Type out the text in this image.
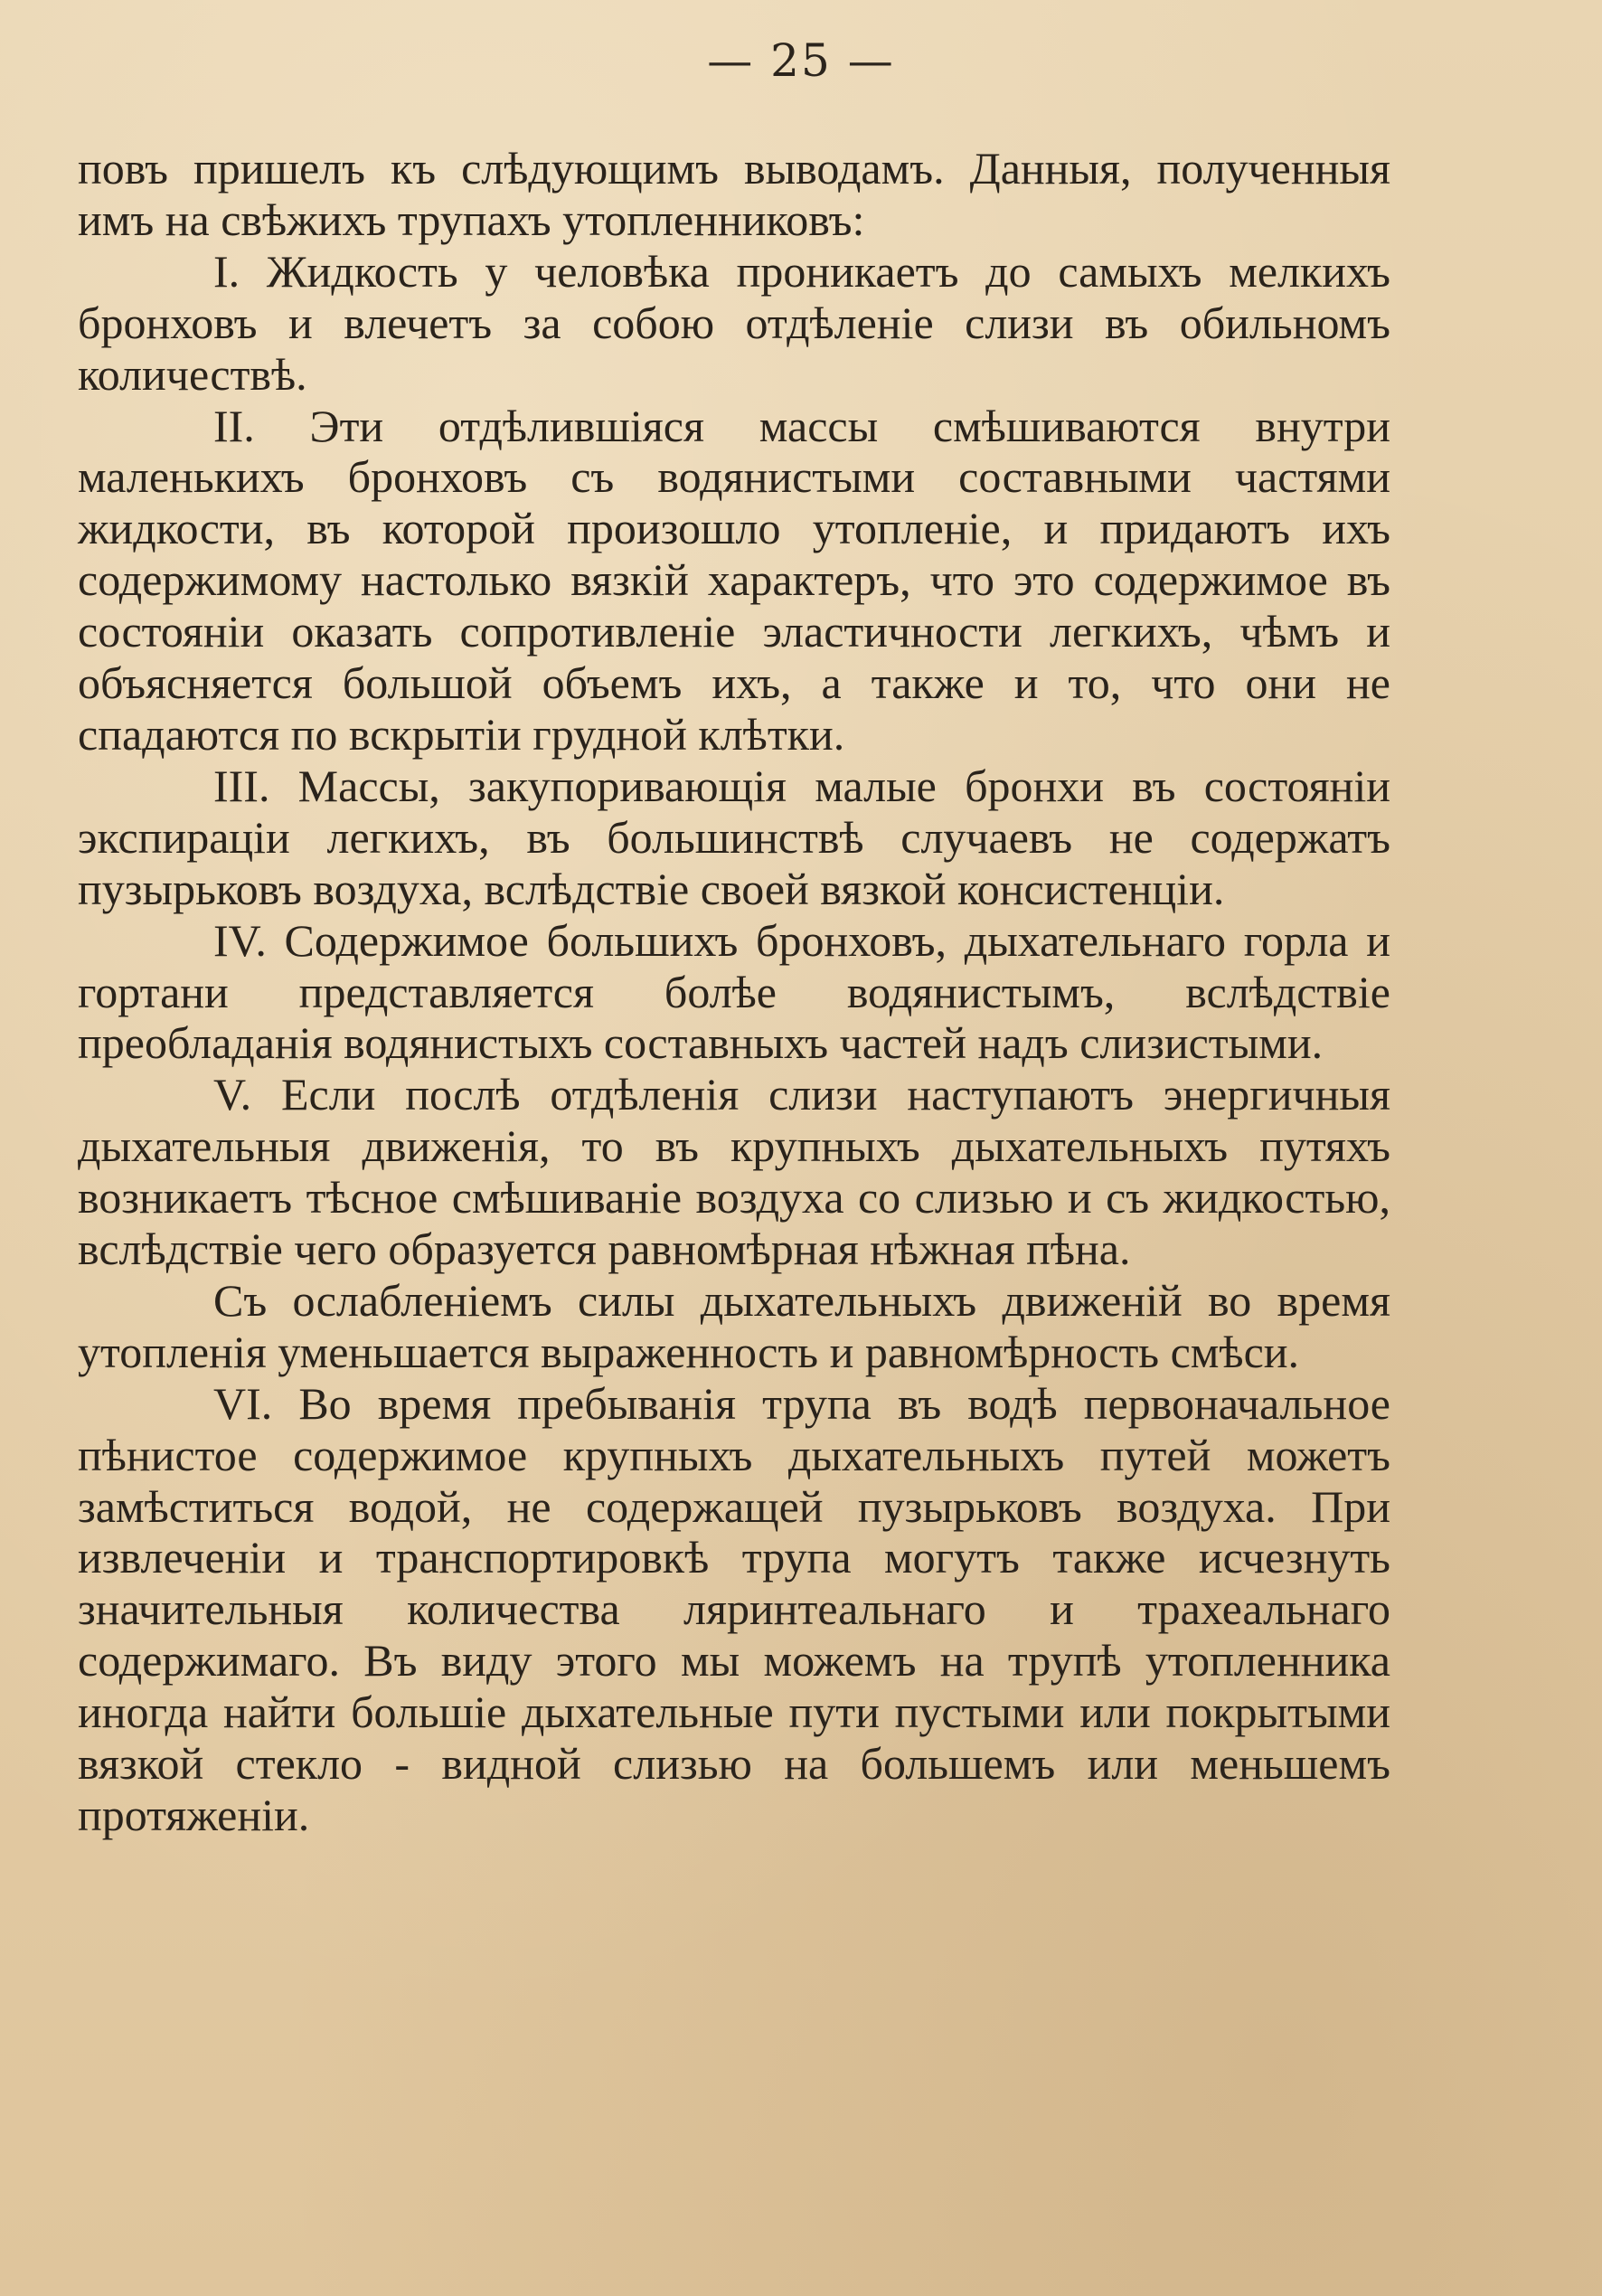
— 25 —

повъ пришелъ къ слѣдующимъ выводамъ. Данныя, полученныя имъ на свѣжихъ трупахъ утопленниковъ:

I. Жидкость у человѣка проникаетъ до самыхъ мелкихъ бронховъ и влечетъ за собою отдѣленіе слизи въ обильномъ количествѣ.

II. Эти отдѣлившіяся массы смѣшиваются внутри маленькихъ бронховъ съ водянистыми составными частями жидкости, въ которой произошло утопленіе, и придаютъ ихъ содержимому настолько вязкій характеръ, что это содержимое въ состояніи оказать сопротивленіе эластичности легкихъ, чѣмъ и объясняется большой объемъ ихъ, а также и то, что они не спадаются по вскрытіи грудной клѣтки.

III. Массы, закупоривающія малые бронхи въ состояніи экспираціи легкихъ, въ большинствѣ случаевъ не содержатъ пузырьковъ воздуха, вслѣдствіе своей вязкой консистенціи.

IV. Содержимое большихъ бронховъ, дыхательнаго горла и гортани представляется болѣе водянистымъ, вслѣдствіе преобладанія водянистыхъ составныхъ частей надъ слизистыми.

V. Если послѣ отдѣленія слизи наступаютъ энергичныя дыхательныя движенія, то въ крупныхъ дыхательныхъ путяхъ возникаетъ тѣсное смѣшиваніе воздуха со слизью и съ жидкостью, вслѣдствіе чего образуется равномѣрная нѣжная пѣна.

Съ ослабленіемъ силы дыхательныхъ движеній во время утопленія уменьшается выраженность и равномѣрность смѣси.

VI. Во время пребыванія трупа въ водѣ первоначальное пѣнистое содержимое крупныхъ дыхательныхъ путей можетъ замѣститься водой, не содержащей пузырьковъ воздуха. При извлеченіи и транспортировкѣ трупа могутъ также исчезнуть значительныя количества ляринтеальнаго и трахеальнаго содержимаго. Въ виду этого мы можемъ на трупѣ утопленника иногда найти большіе дыхательные пути пустыми или покрытыми вязкой стекло - видной слизью на большемъ или меньшемъ протяженіи.
